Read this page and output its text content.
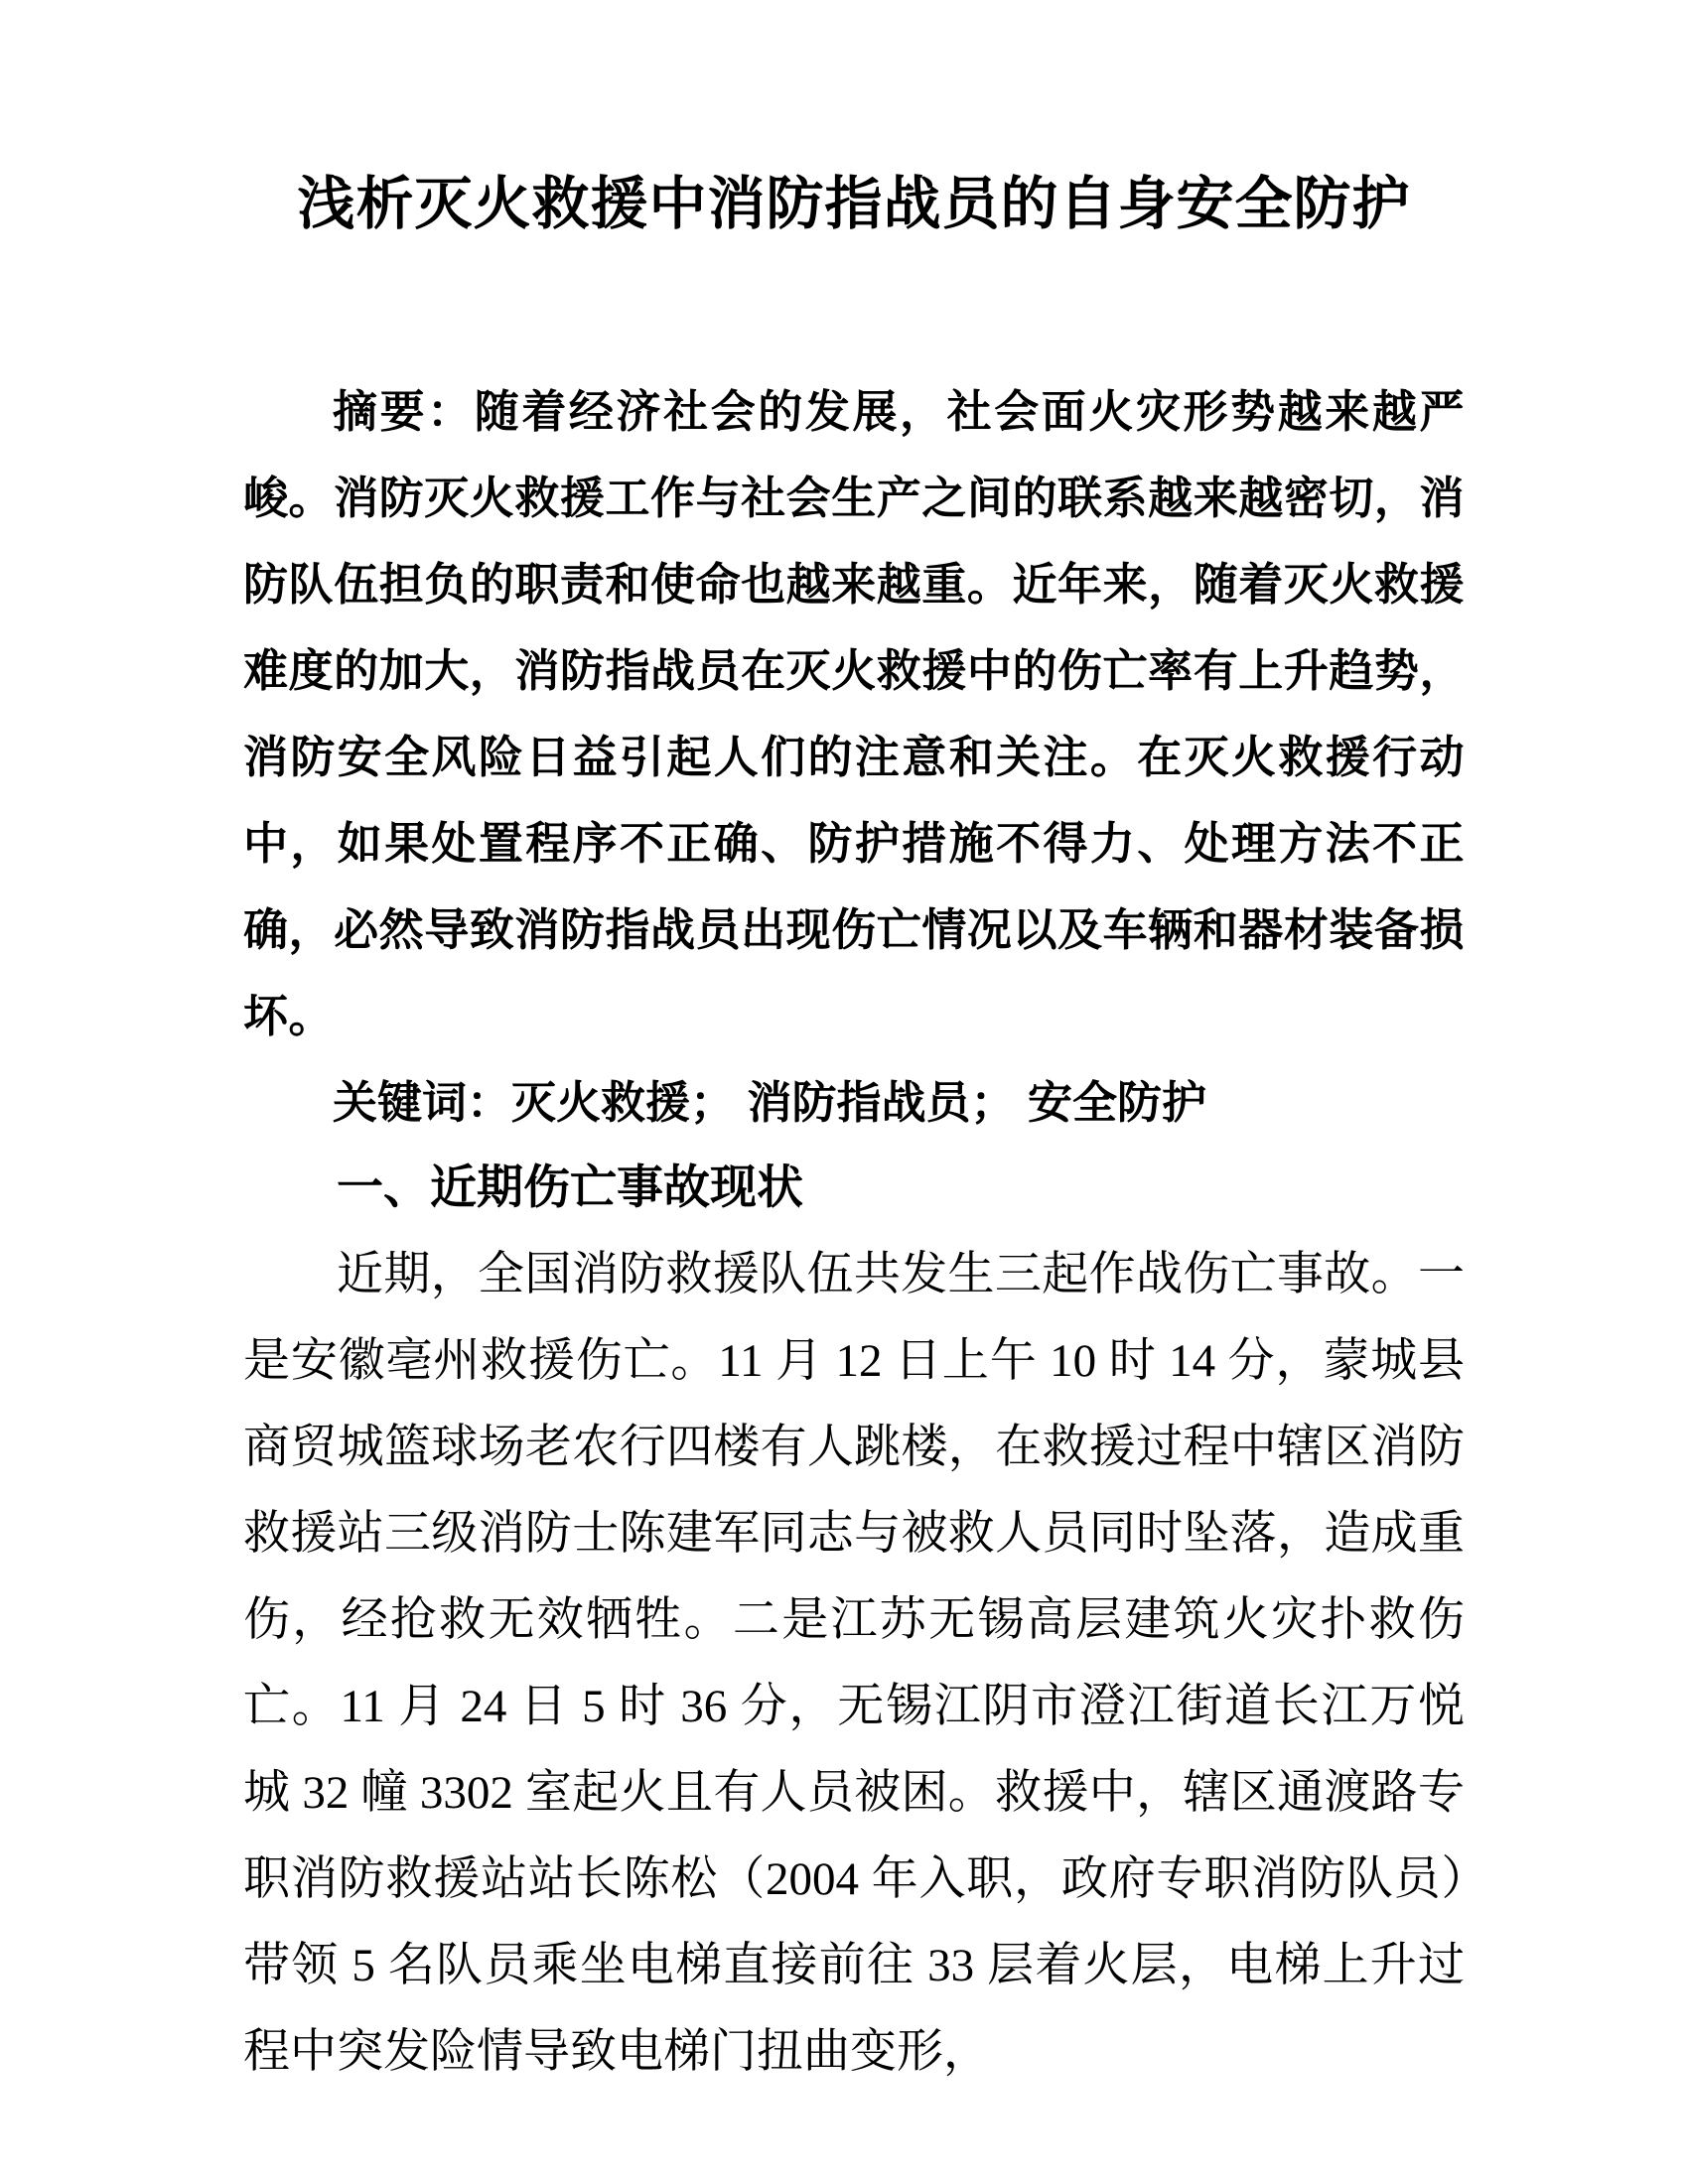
浅析灭火救援中消防指战员的自身安全防护

摘要：随着经济社会的发展，社会面火灾形势越来越严峻。消防灭火救援工作与社会生产之间的联系越来越密切，消防队伍担负的职责和使命也越来越重。近年来，随着灭火救援难度的加大，消防指战员在灭火救援中的伤亡率有上升趋势，消防安全风险日益引起人们的注意和关注。在灭火救援行动中，如果处置程序不正确、防护措施不得力、处理方法不正确，必然导致消防指战员出现伤亡情况以及车辆和器材装备损坏。

关键词：灭火救援； 消防指战员； 安全防护

一、近期伤亡事故现状

近期，全国消防救援队伍共发生三起作战伤亡事故。一是安徽亳州救援伤亡。11 月 12 日上午 10 时 14 分，蒙城县商贸城篮球场老农行四楼有人跳楼，在救援过程中辖区消防救援站三级消防士陈建军同志与被救人员同时坠落，造成重伤，经抢救无效牺牲。二是江苏无锡高层建筑火灾扑救伤亡。11 月 24 日 5 时 36 分，无锡江阴市澄江街道长江万悦城 32 幢 3302 室起火且有人员被困。救援中，辖区通渡路专职消防救援站站长陈松（2004 年入职，政府专职消防队员）带领 5 名队员乘坐电梯直接前往 33 层着火层，电梯上升过程中突发险情导致电梯门扭曲变形，
